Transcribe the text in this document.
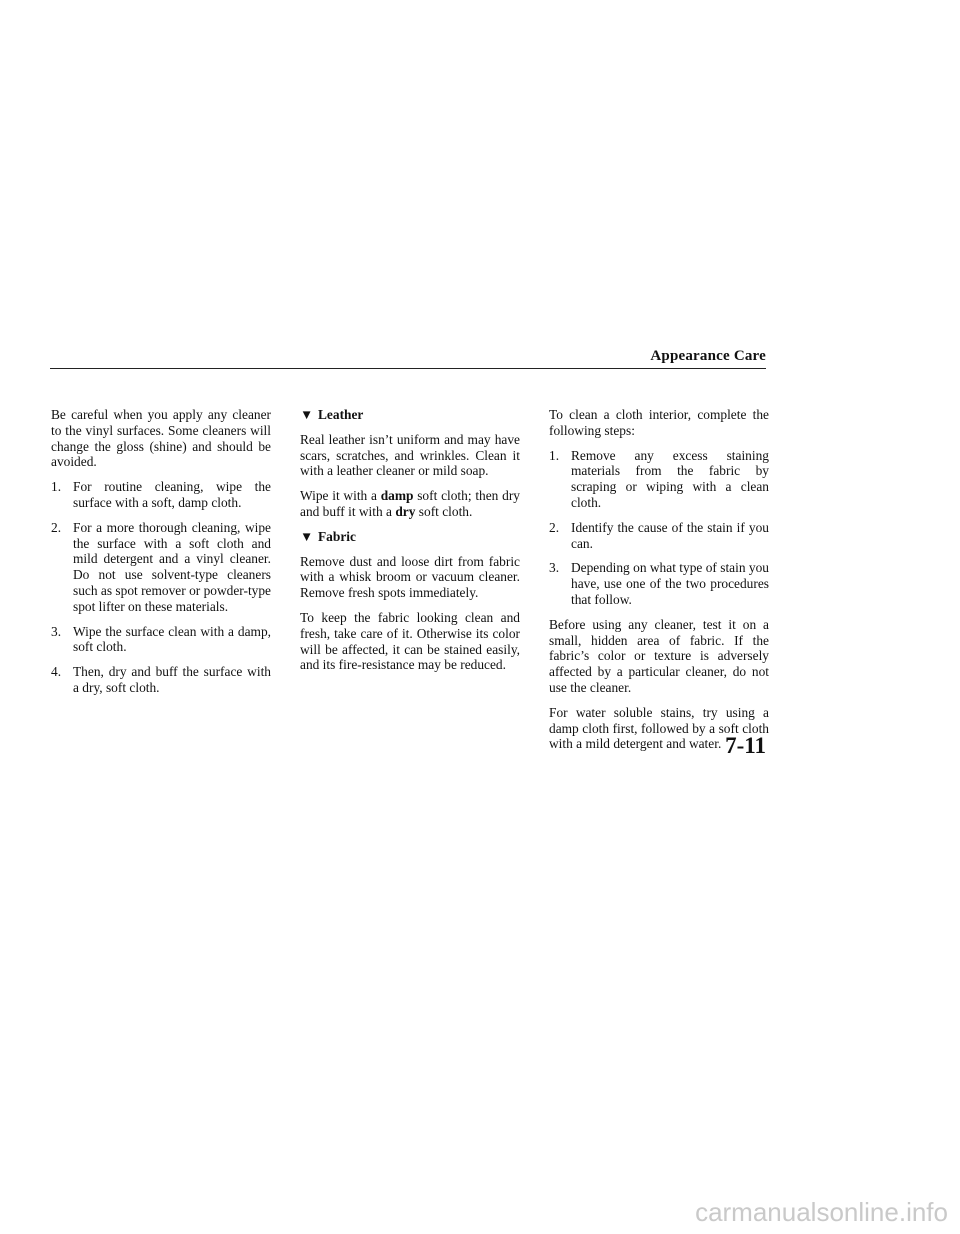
Appearance Care

Be careful when you apply any cleaner to the vinyl surfaces. Some cleaners will change the gloss (shine) and should be avoided.

1. For routine cleaning, wipe the surface with a soft, damp cloth.
2. For a more thorough cleaning, wipe the surface with a soft cloth and mild detergent and a vinyl cleaner. Do not use solvent-type cleaners such as spot remover or powder-type spot lifter on these materials.
3. Wipe the surface clean with a damp, soft cloth.
4. Then, dry and buff the surface with a dry, soft cloth.
▼ Leather

Real leather isn’t uniform and may have scars, scratches, and wrinkles. Clean it with a leather cleaner or mild soap.

Wipe it with a damp soft cloth; then dry and buff it with a dry soft cloth.

▼ Fabric

Remove dust and loose dirt from fabric with a whisk broom or vacuum cleaner. Remove fresh spots immediately.

To keep the fabric looking clean and fresh, take care of it. Otherwise its color will be affected, it can be stained easily, and its fire-resistance may be reduced.

To clean a cloth interior, complete the following steps:

1. Remove any excess staining materials from the fabric by scraping or wiping with a clean cloth.
2. Identify the cause of the stain if you can.
3. Depending on what type of stain you have, use one of the two procedures that follow.

Before using any cleaner, test it on a small, hidden area of fabric. If the fabric’s color or texture is adversely affected by a particular cleaner, do not use the cleaner.

For water soluble stains, try using a damp cloth first, followed by a soft cloth with a mild detergent and water. 7-11
carmanualsonline.info
